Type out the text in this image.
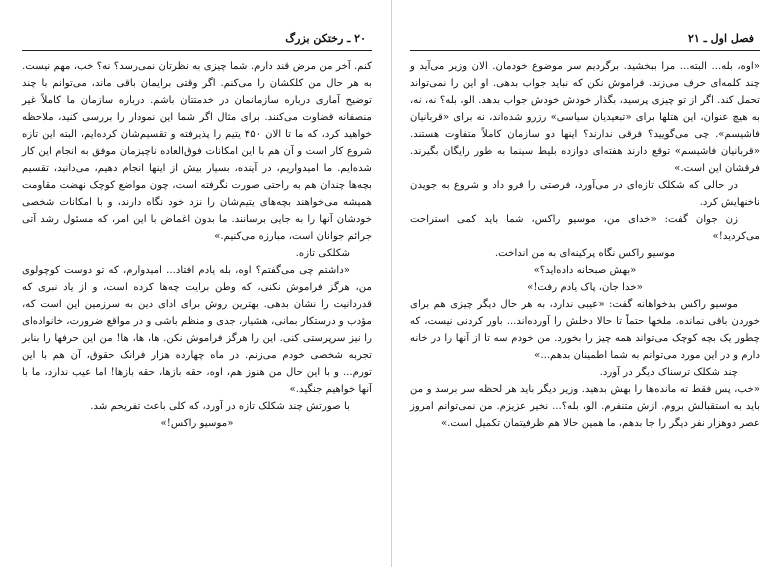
۲۰ ـ رختکن بزرگ

کنم. آخر من مرض قند دارم. شما چیزی به نظرتان نمی‌رسد؟ نه؟ خب، مهم نیست. به هر حال من کلکشان را می‌کنم. اگر وقتی برایمان باقی ماند، می‌توانم با چند توضیح آماری درباره سازمانمان در خدمتتان باشم. درباره سازمان ما کاملاً غیر منصفانه قضاوت می‌کنند. برای مثال اگر شما این نمودار را بررسی کنید، ملاحظه خواهید کرد، که ما تا الان ۴۵۰ یتیم را پذیرفته و تقسیم‌شان کرده‌ایم، البته این تازه شروع کار است و آن هم با این امکانات فوق‌العاده ناچیزمان موفق به انجام این کار شده‌ایم. ما امیدواریم، در آینده، بسیار بیش از اینها انجام دهیم، می‌دانید، تقسیم بچه‌ها چندان هم به راحتی صورت نگرفته است، چون مواضع کوچک نهضت مقاومت همیشه می‌خواهند بچه‌های یتیم‌شان را نزد خود نگاه دارند، و با امکانات شخصی خودشان آنها را به جایی برسانند. ما بدون اغماض با این امر، که مسئول رشد آتی جرائم جوانان است، مبارزه می‌کنیم.»

شکلکی تازه.

«داشتم چی می‌گفتم؟ اوه، بله یادم افتاد... امیدوارم، که تو دوست کوچولوی من، هرگز فراموش نکنی، که وطن برایت چه‌ها کرده است، و از یاد نبری که قدردانیت را نشان بدهی. بهترین روش برای ادای دین به سرزمین این است که، مؤدب و درستکار بمانی، هشیار، جدی و منظم باشی و در مواقع ضرورت، خانواده‌ای را نیز سرپرستی کنی. این را هرگز فراموش نکن. ها، ها، ها! من این حرفها را بنابر تجربه شخصی خودم می‌زنم. در ماه چهارده هزار فرانک حقوق، آن هم با این تورم... و با این حال من هنوز هم، اوه، حقه بازها، حقه بازها! اما عیب ندارد، ما با آنها خواهیم جنگید.»

با صورتش چند شکلک تازه در آورد، که کلی باعث تفریحم شد.

«موسیو راکس!»

فصل اول ـ ۲۱

«اوه، بله... البته... مرا ببخشید. برگردیم سر موضوع خودمان. الان وزیر می‌آید و چند کلمه‌ای حرف می‌زند. فراموش نکن که نباید جواب بدهی. او این را نمی‌تواند تحمل کند. اگر از تو چیزی پرسید، بگذار خودش خودش جواب بدهد. الو، بله؟ نه، نه، به هیچ عنوان، این هتلها برای «تبعیدیان سیاسی» رزرو شده‌اند، نه برای «قربانیان فاشیسم». چی می‌گویید؟ فرقی ندارند؟ اینها دو سازمان کاملاً متفاوت هستند. «قربانیان فاشیسم» توقع دارند هفته‌ای دوازده بلیط سینما به طور رایگان بگیرند. فرقشان این است.»

در حالی که شکلک تازه‌ای در می‌آورد، فرصتی را فرو داد و شروع به جویدن ناخنهایش کرد.

زن جوان گفت: «خدای من، موسیو راکس، شما باید کمی استراحت می‌کردید!»

موسیو راکس نگاه پرکینه‌ای به من انداخت.

«بهش صبحانه داده‌اید؟»

«خدا جان، پاک یادم رفت!»

موسیو راکس بدخواهانه گفت: «عیبی ندارد، به هر حال دیگر چیزی هم برای خوردن باقی نمانده. ملخها حتماً تا حالا دخلش را آورده‌اند... باور کردنی نیست، که چطور یک بچه کوچک می‌تواند همه چیز را بخورد. من خودم سه تا از آنها را در خانه دارم و در این مورد می‌توانم به شما اطمینان بدهم...»

چند شکلک ترسناک دیگر در آورد.

«خب، پس فقط ته مانده‌ها را بهش بدهید. وزیر دیگر باید هر لحظه سر برسد و من باید به استقبالش بروم. ازش متنفرم. الو، بله؟... نخیر عزیزم. من نمی‌توانم امروز عصر دوهزار نفر دیگر را جا بدهم، ما همین حالا هم ظرفیتمان تکمیل است.»
